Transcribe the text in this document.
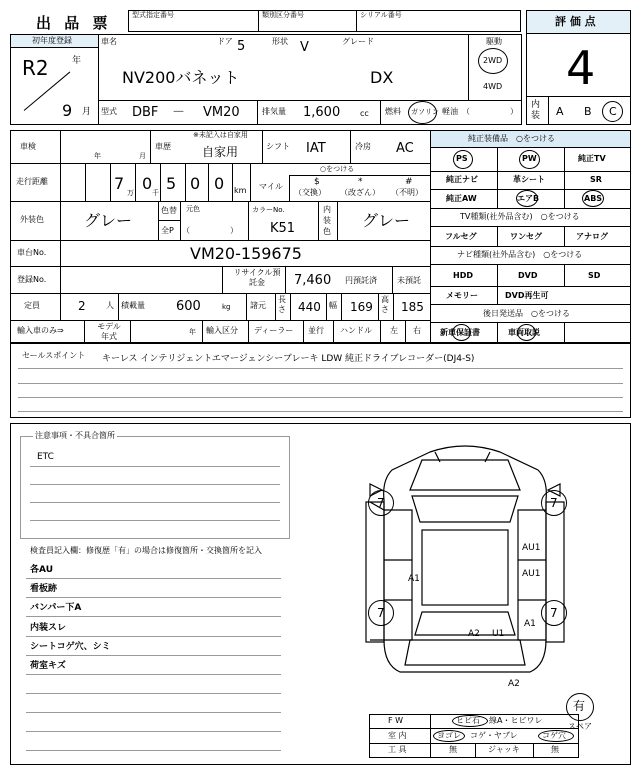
出 品 票	型式指定番号	類別区分番号	シリアル番号	評 価 点
4
内装 A B C
初年度登録
R2	年
9 月
車名
NV200バネット
ドア 5	形状 V	グレード
DX
駆動
2WD
4WD
型式 DBF － VM20	排気量 1,600 cc 燃料 ガソリン 軽油 （　　　　　）
車検
年	月
車歴
※未記入は自家用
自家用	シフト IAT	冷房 AC
走行距離	7 万 0 千 5 0 0 km マイル
○をつける
$
（交換）
*
（改ざん）
#
（不明）
外装色	グレー
色替 元色
全P （　　　　　）
カラーNo.
K51
内装色
グレー
車台No.	VM20-159675
登録No.
リサイクル預託金	7,460 円預託済	未預託
定員	2	人 積載量 600	kg 諸元
長さ 440 幅 169
高さ 185
輸入車のみ⇒	モデル年式	年 輸入区分 ディーラー 並行 ハンドル 左 右
純正装備品　○をつける
PS	PW	純正TV
純正ナビ	革シート	SR
純正AW	エアB	ABS
TV種類(社外品含む)　○をつける
フルセグ	ワンセグ	アナログ
ナビ種類(社外品含む)　○をつける
HDD	DVD	SD
メモリー	DVD再生可
後日発送品　○をつける
新車保証書	車両取説
セールスポイント キーレス インテリジェントエマージェンシーブレーキ LDW 純正ドライブレコーダー(DJ4-S)
注意事項・不具合箇所
ETC
検査員記入欄：修復歴「有」の場合は修復箇所・交換箇所を記入
各AU
看板跡
バンパー下A
内装スレ
シートコゲ穴、シミ
荷室キズ
7	7
7	7
A1
AU1
AU1
A1
A2 U1
A2
有
スペア
F W	ヒビ石 線A・ヒビワレ
室 内	ヨゴレ コゲ・ヤブレ	コゲ穴
工 具	無	ジャッキ	無
